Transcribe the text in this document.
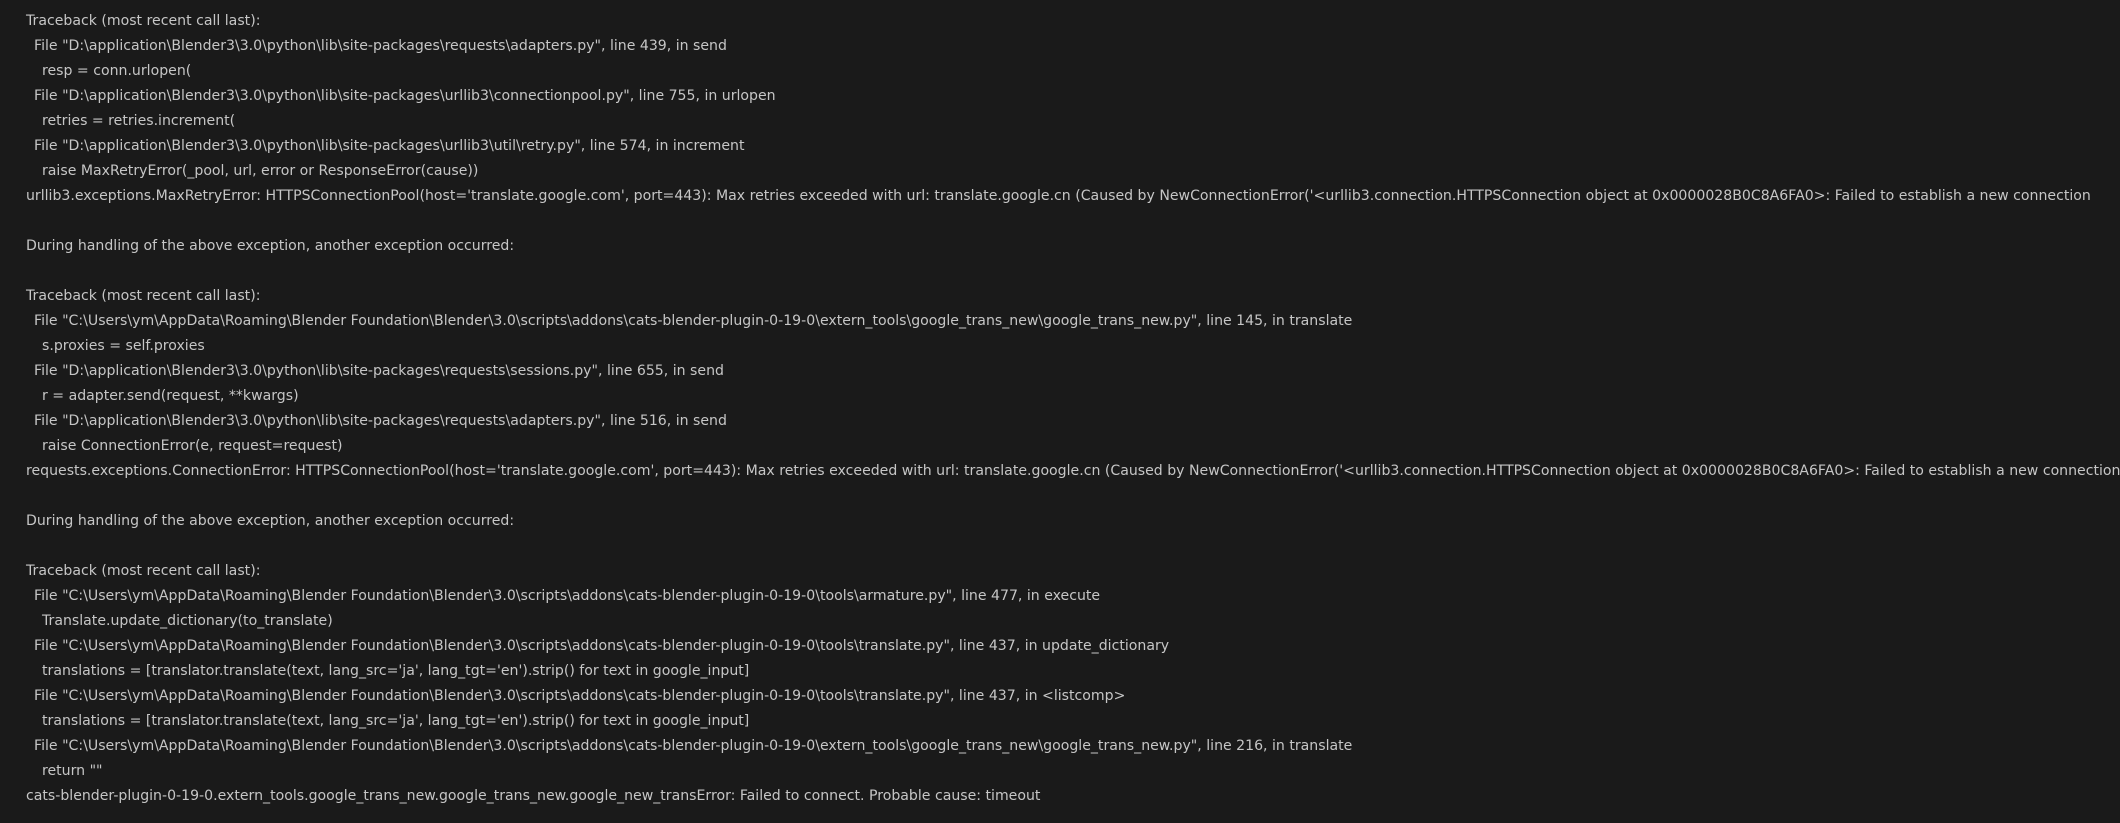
Traceback (most recent call last):
File "D:\application\Blender3\3.0\python\lib\site-packages\requests\adapters.py", line 439, in send
resp = conn.urlopen(
File "D:\application\Blender3\3.0\python\lib\site-packages\urllib3\connectionpool.py", line 755, in urlopen
retries = retries.increment(
File "D:\application\Blender3\3.0\python\lib\site-packages\urllib3\util\retry.py", line 574, in increment
raise MaxRetryError(_pool, url, error or ResponseError(cause))
urllib3.exceptions.MaxRetryError: HTTPSConnectionPool(host='translate.google.com', port=443): Max retries exceeded with url: translate.google.cn (Caused by NewConnectionError('<urllib3.connection.HTTPSConnection object at 0x0000028B0C8A6FA0>: Failed to establish a new connection
During handling of the above exception, another exception occurred:
Traceback (most recent call last):
File "C:\Users\ym\AppData\Roaming\Blender Foundation\Blender\3.0\scripts\addons\cats-blender-plugin-0-19-0\extern_tools\google_trans_new\google_trans_new.py", line 145, in translate
s.proxies = self.proxies
File "D:\application\Blender3\3.0\python\lib\site-packages\requests\sessions.py", line 655, in send
r = adapter.send(request, **kwargs)
File "D:\application\Blender3\3.0\python\lib\site-packages\requests\adapters.py", line 516, in send
raise ConnectionError(e, request=request)
requests.exceptions.ConnectionError: HTTPSConnectionPool(host='translate.google.com', port=443): Max retries exceeded with url: translate.google.cn (Caused by NewConnectionError('<urllib3.connection.HTTPSConnection object at 0x0000028B0C8A6FA0>: Failed to establish a new connection
During handling of the above exception, another exception occurred:
Traceback (most recent call last):
File "C:\Users\ym\AppData\Roaming\Blender Foundation\Blender\3.0\scripts\addons\cats-blender-plugin-0-19-0\tools\armature.py", line 477, in execute
Translate.update_dictionary(to_translate)
File "C:\Users\ym\AppData\Roaming\Blender Foundation\Blender\3.0\scripts\addons\cats-blender-plugin-0-19-0\tools\translate.py", line 437, in update_dictionary
translations = [translator.translate(text, lang_src='ja', lang_tgt='en').strip() for text in google_input]
File "C:\Users\ym\AppData\Roaming\Blender Foundation\Blender\3.0\scripts\addons\cats-blender-plugin-0-19-0\tools\translate.py", line 437, in <listcomp>
translations = [translator.translate(text, lang_src='ja', lang_tgt='en').strip() for text in google_input]
File "C:\Users\ym\AppData\Roaming\Blender Foundation\Blender\3.0\scripts\addons\cats-blender-plugin-0-19-0\extern_tools\google_trans_new\google_trans_new.py", line 216, in translate
return ""
cats-blender-plugin-0-19-0.extern_tools.google_trans_new.google_trans_new.google_new_transError: Failed to connect. Probable cause: timeout
